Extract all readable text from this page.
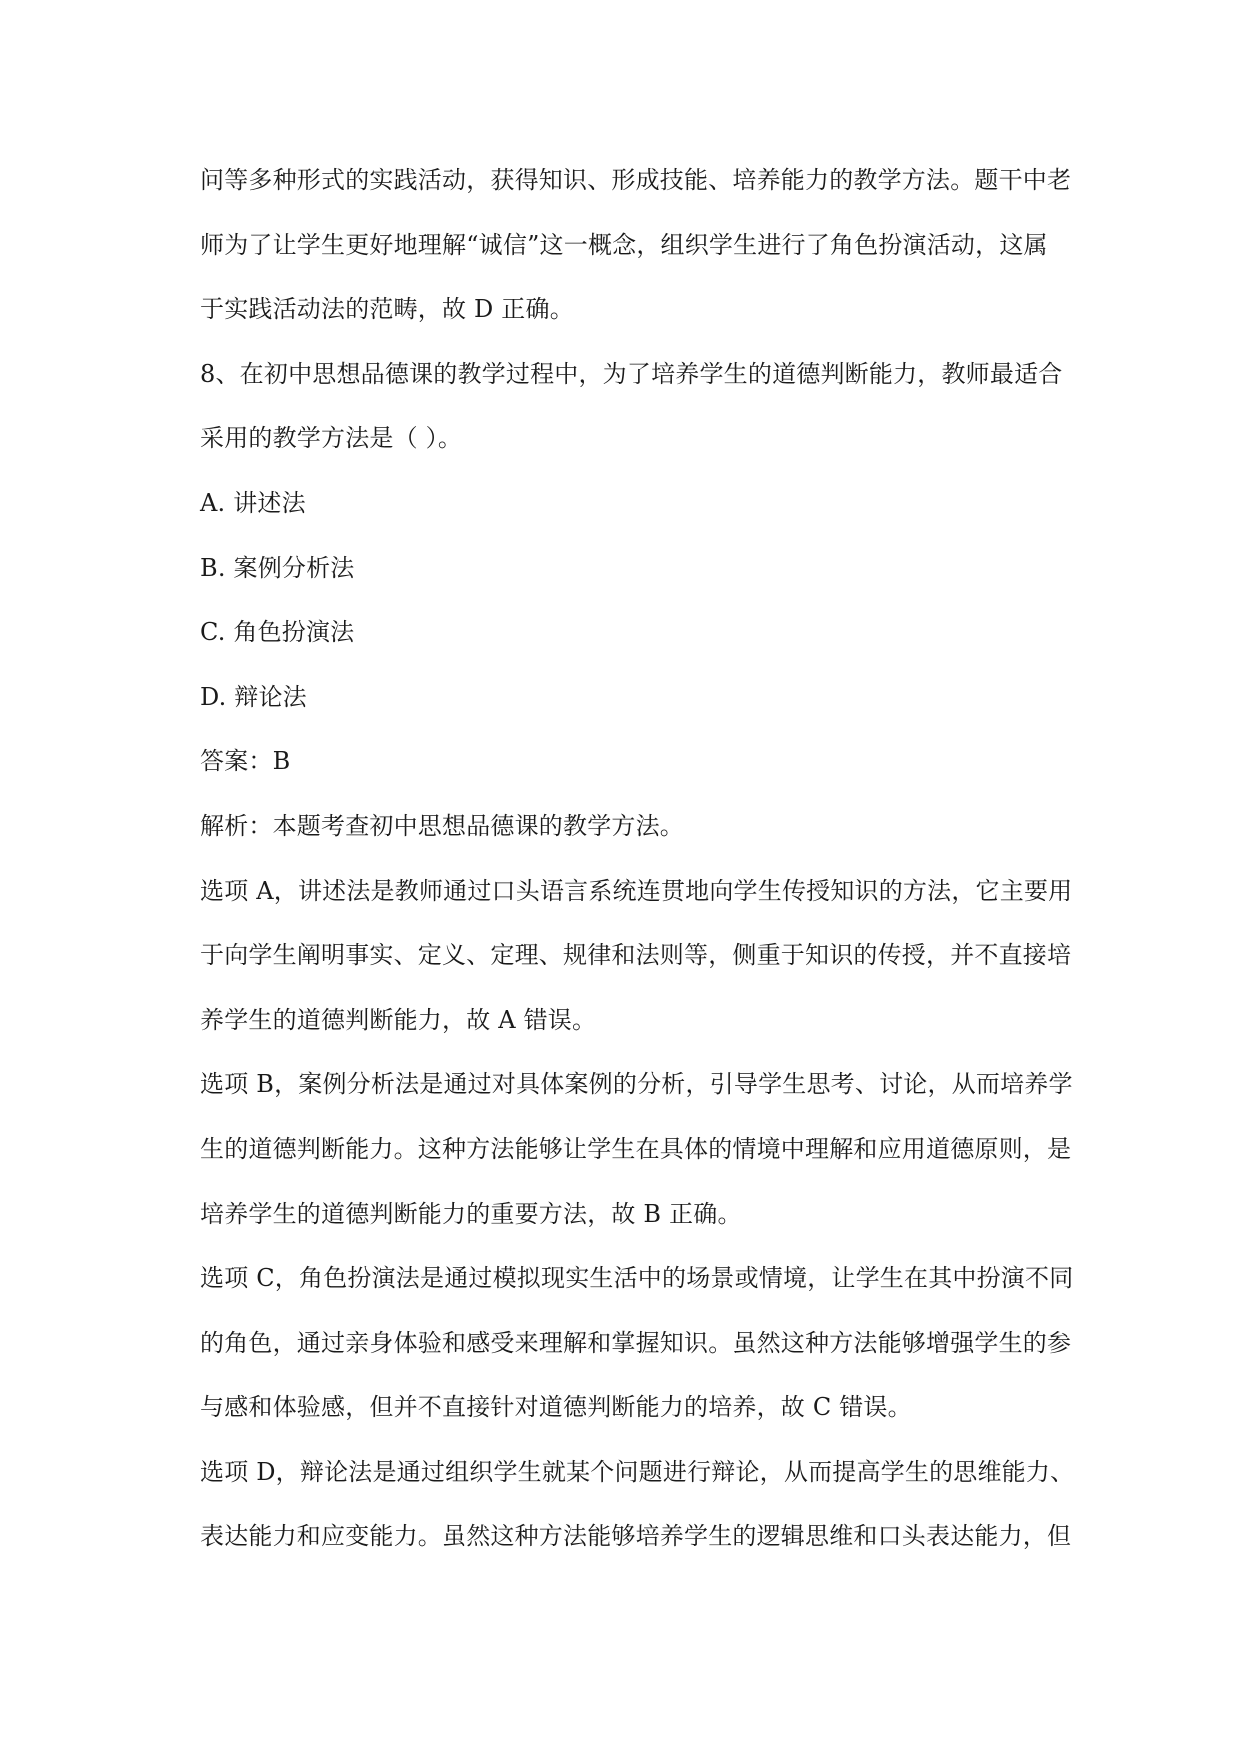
问等多种形式的实践活动，获得知识、形成技能、培养能力的教学方法。题干中老
师为了让学生更好地理解“诚信”这一概念，组织学生进行了角色扮演活动，这属
于实践活动法的范畴，故 D 正确。
8、在初中思想品德课的教学过程中，为了培养学生的道德判断能力，教师最适合
采用的教学方法是（ ）。
A. 讲述法
B. 案例分析法
C. 角色扮演法
D. 辩论法
答案：B
解析：本题考查初中思想品德课的教学方法。
选项 A，讲述法是教师通过口头语言系统连贯地向学生传授知识的方法，它主要用
于向学生阐明事实、定义、定理、规律和法则等，侧重于知识的传授，并不直接培
养学生的道德判断能力，故 A 错误。
选项 B，案例分析法是通过对具体案例的分析，引导学生思考、讨论，从而培养学
生的道德判断能力。这种方法能够让学生在具体的情境中理解和应用道德原则，是
培养学生的道德判断能力的重要方法，故 B 正确。
选项 C，角色扮演法是通过模拟现实生活中的场景或情境，让学生在其中扮演不同
的角色，通过亲身体验和感受来理解和掌握知识。虽然这种方法能够增强学生的参
与感和体验感，但并不直接针对道德判断能力的培养，故 C 错误。
选项 D，辩论法是通过组织学生就某个问题进行辩论，从而提高学生的思维能力、
表达能力和应变能力。虽然这种方法能够培养学生的逻辑思维和口头表达能力，但
